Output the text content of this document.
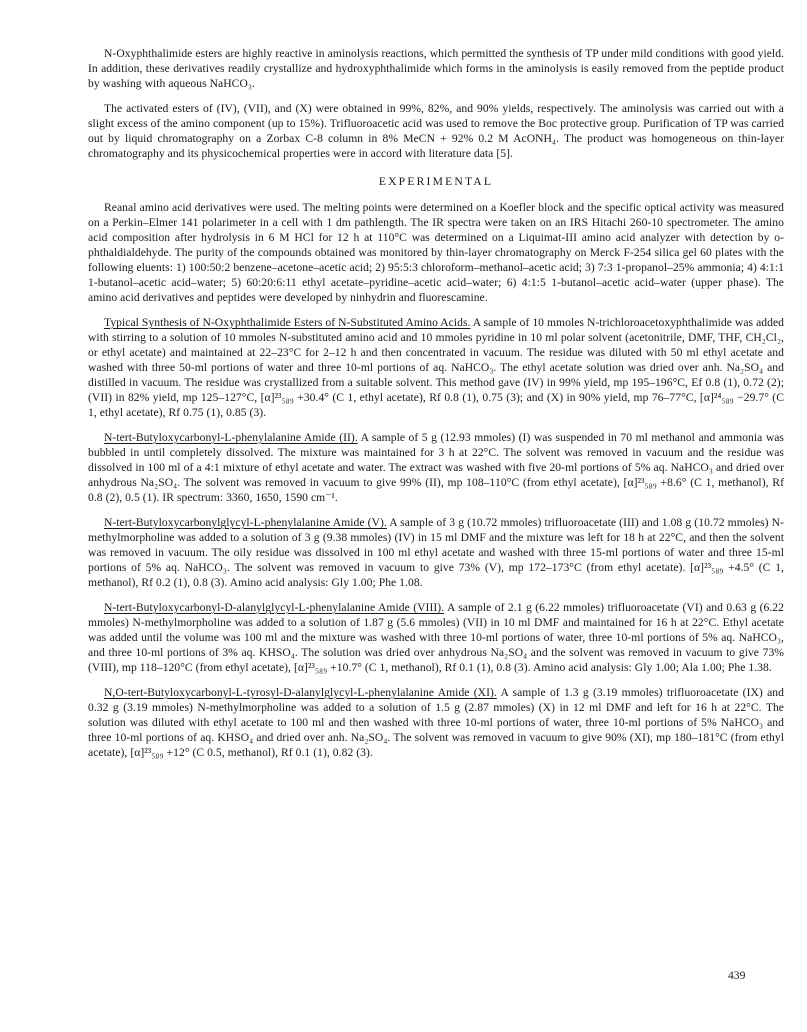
N-Oxyphthalimide esters are highly reactive in aminolysis reactions, which permitted the synthesis of TP under mild conditions with good yield. In addition, these derivatives readily crystallize and hydroxyphthalimide which forms in the aminolysis is easily removed from the peptide product by washing with aqueous NaHCO₃.

The activated esters of (IV), (VII), and (X) were obtained in 99%, 82%, and 90% yields, respectively. The aminolysis was carried out with a slight excess of the amino component (up to 15%). Trifluoroacetic acid was used to remove the Boc protective group. Purification of TP was carried out by liquid chromatography on a Zorbax C-8 column in 8% MeCN + 92% 0.2 M AcONH₄. The product was homogeneous on thin-layer chromatography and its physicochemical properties were in accord with literature data [5].

EXPERIMENTAL

Reanal amino acid derivatives were used. The melting points were determined on a Koefler block and the specific optical activity was measured on a Perkin–Elmer 141 polarimeter in a cell with 1 dm pathlength. The IR spectra were taken on an IRS Hitachi 260-10 spectrometer. The amino acid composition after hydrolysis in 6 M HCl for 12 h at 110°C was determined on a Liquimat-III amino acid analyzer with detection by o-phthaldialdehyde. The purity of the compounds obtained was monitored by thin-layer chromatography on Merck F-254 silica gel 60 plates with the following eluents: 1) 100:50:2 benzene–acetone–acetic acid; 2) 95:5:3 chloroform–methanol–acetic acid; 3) 7:3 1-propanol–25% ammonia; 4) 4:1:1 1-butanol–acetic acid–water; 5) 60:20:6:11 ethyl acetate–pyridine–acetic acid–water; 6) 4:1:5 1-butanol–acetic acid–water (upper phase). The amino acid derivatives and peptides were developed by ninhydrin and fluorescamine.

Typical Synthesis of N-Oxyphthalimide Esters of N-Substituted Amino Acids. A sample of 10 mmoles N-trichloroacetoxyphthalimide was added with stirring to a solution of 10 mmoles N-substituted amino acid and 10 mmoles pyridine in 10 ml polar solvent (acetonitrile, DMF, THF, CH₂Cl₂, or ethyl acetate) and maintained at 22–23°C for 2–12 h and then concentrated in vacuum. The residue was diluted with 50 ml ethyl acetate and washed with three 50-ml portions of water and three 10-ml portions of aq. NaHCO₃. The ethyl acetate solution was dried over anh. Na₂SO₄ and distilled in vacuum. The residue was crystallized from a suitable solvent. This method gave (IV) in 99% yield, mp 195–196°C, Ef 0.8 (1), 0.72 (2); (VII) in 82% yield, mp 125–127°C, [α]²³₅₈₉ +30.4° (C 1, ethyl acetate), Rf 0.8 (1), 0.75 (3); and (X) in 90% yield, mp 76–77°C, [α]²⁴₅₈₉ −29.7° (C 1, ethyl acetate), Rf 0.75 (1), 0.85 (3).

N-tert-Butyloxycarbonyl-L-phenylalanine Amide (II). A sample of 5 g (12.93 mmoles) (I) was suspended in 70 ml methanol and ammonia was bubbled in until completely dissolved. The mixture was maintained for 3 h at 22°C. The solvent was removed in vacuum and the residue was dissolved in 100 ml of a 4:1 mixture of ethyl acetate and water. The extract was washed with five 20-ml portions of 5% aq. NaHCO₃ and dried over anhydrous Na₂SO₄. The solvent was removed in vacuum to give 99% (II), mp 108–110°C (from ethyl acetate), [α]²³₅₈₉ +8.6° (C 1, methanol), Rf 0.8 (2), 0.5 (1). IR spectrum: 3360, 1650, 1590 cm⁻¹.

N-tert-Butyloxycarbonylglycyl-L-phenylalanine Amide (V). A sample of 3 g (10.72 mmoles) trifluoroacetate (III) and 1.08 g (10.72 mmoles) N-methylmorpholine was added to a solution of 3 g (9.38 mmoles) (IV) in 15 ml DMF and the mixture was left for 18 h at 22°C, and then the solvent was removed in vacuum. The oily residue was dissolved in 100 ml ethyl acetate and washed with three 15-ml portions of water and three 15-ml portions of 5% aq. NaHCO₃. The solvent was removed in vacuum to give 73% (V), mp 172–173°C (from ethyl acetate). [α]²³₅₈₉ +4.5° (C 1, methanol), Rf 0.2 (1), 0.8 (3). Amino acid analysis: Gly 1.00; Phe 1.08.

N-tert-Butyloxycarbonyl-D-alanylglycyl-L-phenylalanine Amide (VIII). A sample of 2.1 g (6.22 mmoles) trifluoroacetate (VI) and 0.63 g (6.22 mmoles) N-methylmorpholine was added to a solution of 1.87 g (5.6 mmoles) (VII) in 10 ml DMF and maintained for 16 h at 22°C. Ethyl acetate was added until the volume was 100 ml and the mixture was washed with three 10-ml portions of water, three 10-ml portions of 5% aq. NaHCO₃, and three 10-ml portions of 3% aq. KHSO₄. The solution was dried over anhydrous Na₂SO₄ and the solvent was removed in vacuum to give 73% (VIII), mp 118–120°C (from ethyl acetate), [α]²³₅₈₉ +10.7° (C 1, methanol), Rf 0.1 (1), 0.8 (3). Amino acid analysis: Gly 1.00; Ala 1.00; Phe 1.38.

N,O-tert-Butyloxycarbonyl-L-tyrosyl-D-alanylglycyl-L-phenylalanine Amide (XI). A sample of 1.3 g (3.19 mmoles) trifluoroacetate (IX) and 0.32 g (3.19 mmoles) N-methylmorpholine was added to a solution of 1.5 g (2.87 mmoles) (X) in 12 ml DMF and left for 16 h at 22°C. The solution was diluted with ethyl acetate to 100 ml and then washed with three 10-ml portions of water, three 10-ml portions of 5% NaHCO₃ and three 10-ml portions of aq. KHSO₄ and dried over anh. Na₂SO₄. The solvent was removed in vacuum to give 90% (XI), mp 180–181°C (from ethyl acetate), [α]²³₅₈₉ +12° (C 0.5, methanol), Rf 0.1 (1), 0.82 (3).

439
